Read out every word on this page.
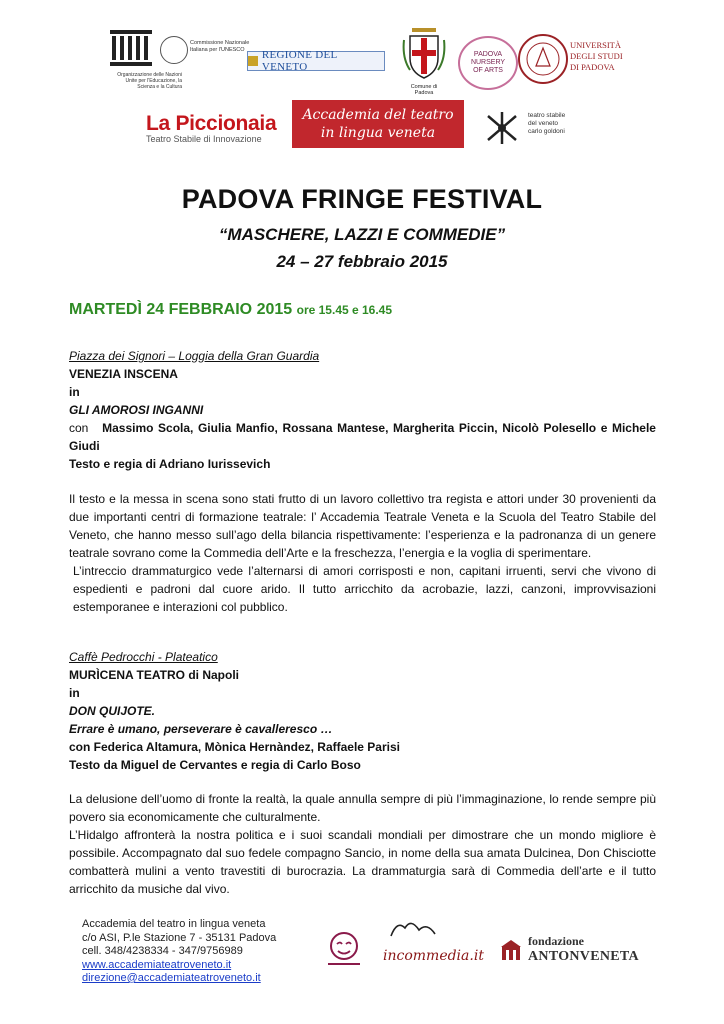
Organizzazione delle Nazioni Unite per l'Educazione, la Scienza e la Cultura
Commissione Nazionale Italiana per l'UNESCO	REGIONE DEL VENETO
Comune di Padova
PADOVA
NURSERY
OF ARTS
UNIVERSITÀ
DEGLI STUDI
DI PADOVA
La Piccionaia
Teatro Stabile di Innovazione
Accademia del teatro
in lingua veneta
teatro stabile
del veneto
carlo goldoni
PADOVA FRINGE FESTIVAL
“MASCHERE, LAZZI E COMMEDIE”
24 – 27 febbraio 2015
MARTEDÌ 24 FEBBRAIO 2015 ore 15.45 e 16.45
Piazza dei Signori – Loggia della Gran Guardia
VENEZIA INSCENA
in
GLI AMOROSI INGANNI
con Massimo Scola, Giulia Manfio, Rossana Mantese, Margherita Piccin, Nicolò Polesello e Michele Giudi
Testo e regia di Adriano Iurissevich
Il testo e la messa in scena sono stati frutto di un lavoro collettivo tra regista e attori under 30 provenienti da due importanti centri di formazione teatrale: l’ Accademia Teatrale Veneta e la Scuola del Teatro Stabile del Veneto, che hanno messo sull’ago della bilancia rispettivamente: l’esperienza e la padronanza di un genere teatrale sovrano come la Commedia dell’Arte e la freschezza, l’energia e la voglia di sperimentare.
L’intreccio drammaturgico vede l’alternarsi di amori corrisposti e non, capitani irruenti, servi che vivono di espedienti e padroni dal cuore arido. Il tutto arricchito da acrobazie, lazzi, canzoni, improvvisazioni estemporanee e interazioni col pubblico.
Caffè Pedrocchi - Plateatico
MURÌCENA TEATRO di Napoli
in
DON QUIJOTE.
Errare è umano, perseverare è cavalleresco …
con Federica Altamura, Mònica Hernàndez, Raffaele Parisi
Testo da Miguel de Cervantes e regia di Carlo Boso
La delusione dell’uomo di fronte la realtà, la quale annulla sempre di più l’immaginazione, lo rende sempre più povero sia economicamente che culturalmente.
L’Hidalgo affronterà la nostra politica e i suoi scandali mondiali per dimostrare che un mondo migliore è possibile. Accompagnato dal suo fedele compagno Sancio, in nome della sua amata Dulcinea, Don Chisciotte combatterà mulini a vento travestiti di burocrazia. La drammaturgia sarà di Commedia dell’arte e il tutto arricchito da musiche dal vivo.
Accademia del teatro in lingua veneta
c/o ASI, P.le Stazione 7 - 35131 Padova
cell. 348/4238334 - 347/9756989
www.accademiateatroveneto.it
direzione@accademiateatroveneto.it
incommedia.it
fondazione
ANTONVENETA
